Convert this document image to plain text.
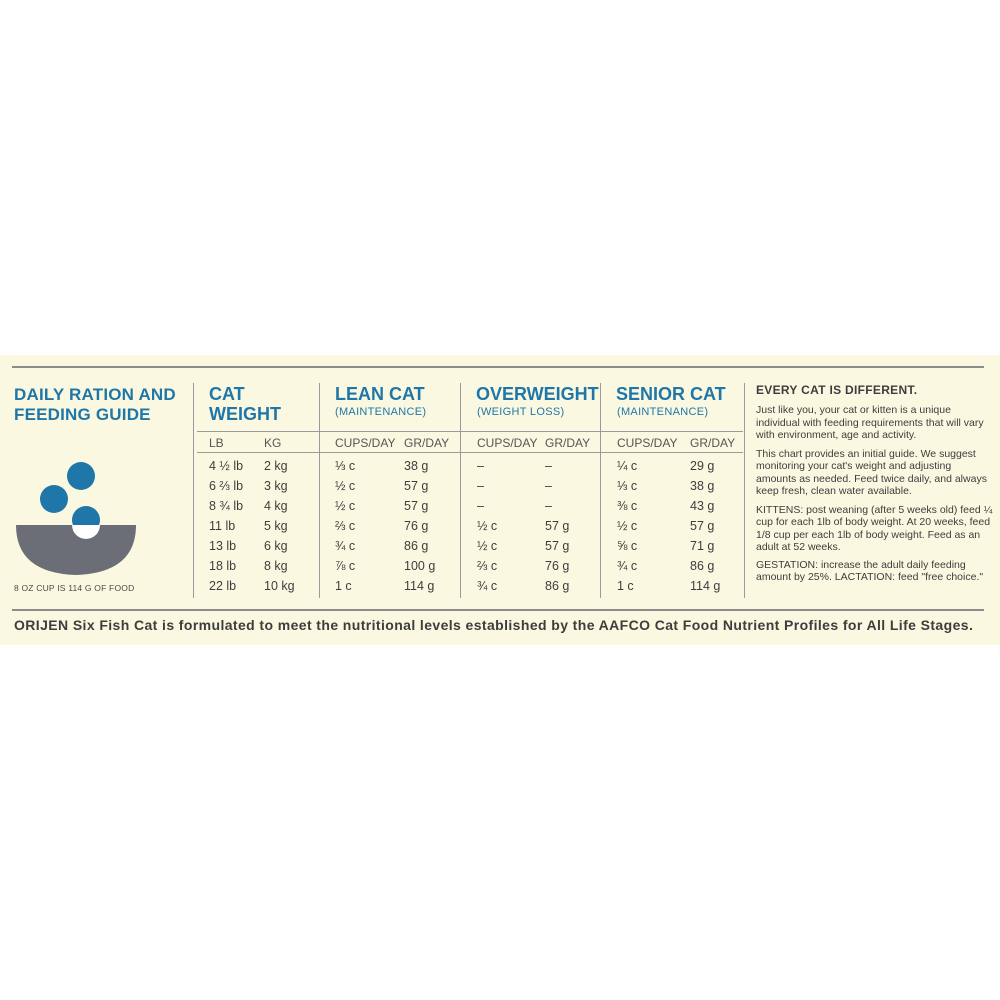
DAILY RATION AND FEEDING GUIDE
8 OZ CUP IS 114 G OF FOOD
CAT WEIGHT
LEAN CAT
(MAINTENANCE)
OVERWEIGHT
(WEIGHT LOSS)
SENIOR CAT
(MAINTENANCE)
LB	KG	CUPS/DAY GR/DAY CUPS/DAY GR/DAY CUPS/DAY GR/DAY
4 ½ lb 2 kg	⅓ c	38 g	–	–	¼ c	29 g
6 ⅔ lb 3 kg	½ c	57 g	–	–	⅓ c	38 g
8 ¾ lb 4 kg	½ c	57 g	–	–	⅜ c	43 g
11 lb 5 kg	⅔ c	76 g	½ c	57 g	½ c	57 g
13 lb 6 kg	¾ c	86 g	½ c	57 g	⅝ c	71 g
18 lb 8 kg	⅞ c	100 g	⅔ c	76 g	¾ c	86 g
22 lb 10 kg	1 c	114 g	¾ c	86 g	1 c	114 g
EVERY CAT IS DIFFERENT.
Just like you, your cat or kitten is a unique individual with feeding requirements that will vary with environment, age and activity.
This chart provides an initial guide. We suggest monitoring your cat's weight and adjusting amounts as needed. Feed twice daily, and always keep fresh, clean water available.
KITTENS: post weaning (after 5 weeks old) feed ¼ cup for each 1lb of body weight. At 20 weeks, feed 1/8 cup per each 1lb of body weight. Feed as an adult at 52 weeks.
GESTATION: increase the adult daily feeding amount by 25%. LACTATION: feed "free choice."
ORIJEN Six Fish Cat is formulated to meet the nutritional levels established by the AAFCO Cat Food Nutrient Profiles for All Life Stages.
